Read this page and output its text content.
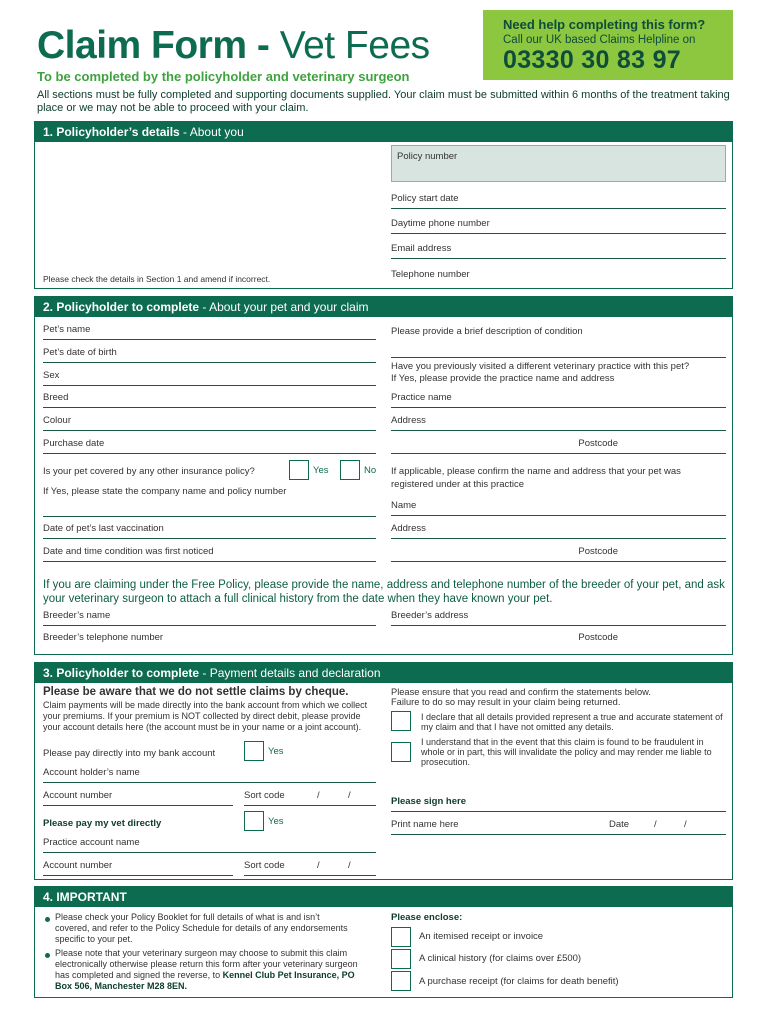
Claim Form - Vet Fees
To be completed by the policyholder and veterinary surgeon
All sections must be fully completed and supporting documents supplied. Your claim must be submitted within 6 months of the treatment taking place or we may not be able to proceed with your claim.
Need help completing this form?
Call our UK based Claims Helpline on
03330 30 83 97
1. Policyholder’s details - About you
Policy number
Policy start date
Daytime phone number
Email address
Telephone number
Please check the details in Section 1 and amend if incorrect.
2. Policyholder to complete - About your pet and your claim
Pet’s name
Pet’s date of birth
Sex
Breed
Colour
Purchase date
Is your pet covered by any other insurance policy?	Yes	No
If Yes, please state the company name and policy number
Date of pet’s last vaccination
Date and time condition was first noticed
Please provide a brief description of condition
Have you previously visited a different veterinary practice with this pet?
If Yes, please provide the practice name and address
Practice name
Address
Postcode
If applicable, please confirm the name and address that your pet was
registered under at this practice
Name
Address
Postcode
If you are claiming under the Free Policy, please provide the name, address and telephone number of the breeder of your pet, and ask your veterinary surgeon to attach a full clinical history from the date when they have known your pet.
Breeder’s name
Breeder’s telephone number
Breeder’s address
Postcode
3. Policyholder to complete - Payment details and declaration
Please be aware that we do not settle claims by cheque.
Claim payments will be made directly into the bank account from which we collect your premiums. If your premium is NOT collected by direct debit, please provide your account details here (the account must be in your name or a joint account).
Please pay directly into my bank account	Yes
Account holder’s name
Account number	Sort code	/	/
Please pay my vet directly	Yes
Practice account name
Account number	Sort code	/	/
Please ensure that you read and confirm the statements below.
Failure to do so may result in your claim being returned.
I declare that all details provided represent a true and accurate statement of my claim and that I have not omitted any details.
I understand that in the event that this claim is found to be fraudulent in whole or in part, this will invalidate the policy and may render me liable to prosecution.
Please sign here
Print name here	Date	/	/
4. IMPORTANT
Please check your Policy Booklet for full details of what is and isn’t covered, and refer to the Policy Schedule for details of any endorsements specific to your pet.
Please note that your veterinary surgeon may choose to submit this claim electronically otherwise please return this form after your veterinary surgeon has completed and signed the reverse, to Kennel Club Pet Insurance, PO Box 506, Manchester M28 8EN.
Please enclose:
An itemised receipt or invoice
A clinical history (for claims over £500)
A purchase receipt (for claims for death benefit)
